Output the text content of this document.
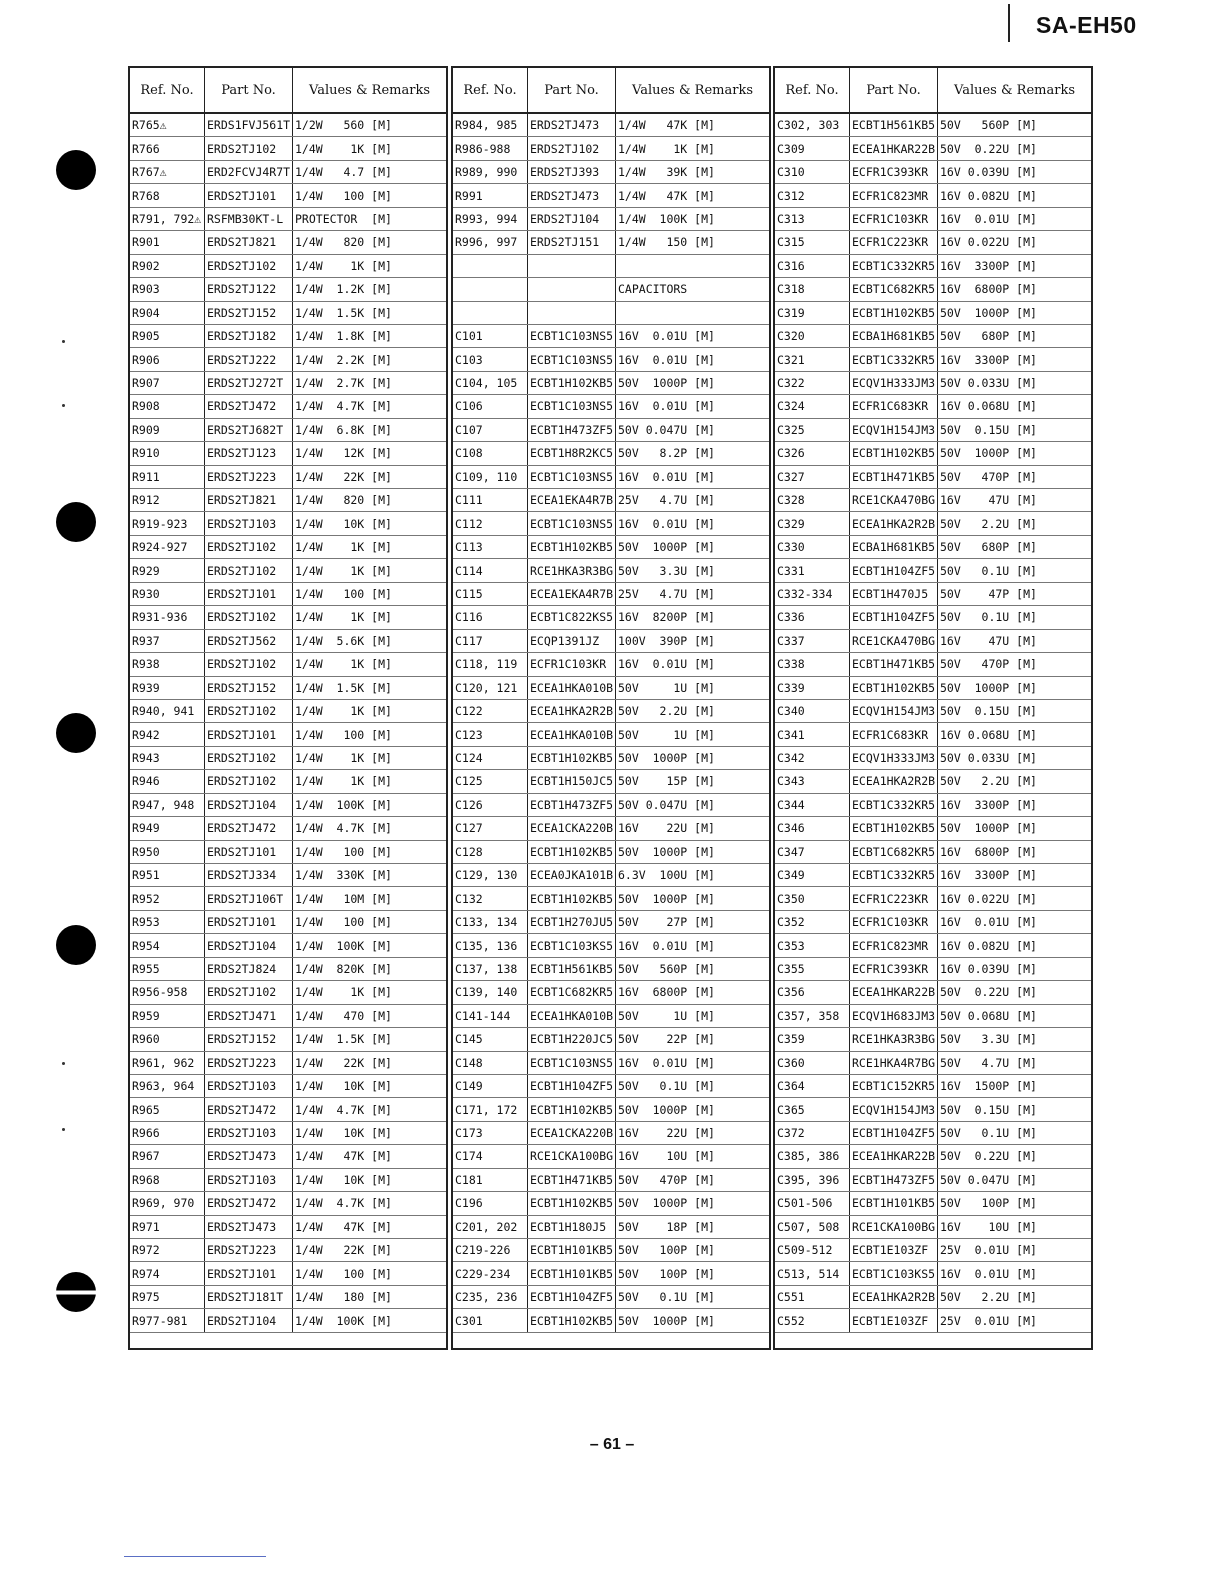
SA-EH50
Ref. No.	Part No.	Values & Remarks
R765⚠	ERDS1FVJ561T 1/2W   560 [M]
R766	ERDS2TJ102	1/4W    1K [M]
R767⚠	ERD2FCVJ4R7T 1/4W   4.7 [M]
R768	ERDS2TJ101	1/4W   100 [M]
R791, 792⚠ RSFMB30KT-L	PROTECTOR  [M]
R901	ERDS2TJ821	1/4W   820 [M]
R902	ERDS2TJ102	1/4W    1K [M]
R903	ERDS2TJ122	1/4W  1.2K [M]
R904	ERDS2TJ152	1/4W  1.5K [M]
R905	ERDS2TJ182	1/4W  1.8K [M]
R906	ERDS2TJ222	1/4W  2.2K [M]
R907	ERDS2TJ272T	1/4W  2.7K [M]
R908	ERDS2TJ472	1/4W  4.7K [M]
R909	ERDS2TJ682T	1/4W  6.8K [M]
R910	ERDS2TJ123	1/4W   12K [M]
R911	ERDS2TJ223	1/4W   22K [M]
R912	ERDS2TJ821	1/4W   820 [M]
R919-923	ERDS2TJ103	1/4W   10K [M]
R924-927	ERDS2TJ102	1/4W    1K [M]
R929	ERDS2TJ102	1/4W    1K [M]
R930	ERDS2TJ101	1/4W   100 [M]
R931-936	ERDS2TJ102	1/4W    1K [M]
R937	ERDS2TJ562	1/4W  5.6K [M]
R938	ERDS2TJ102	1/4W    1K [M]
R939	ERDS2TJ152	1/4W  1.5K [M]
R940, 941	ERDS2TJ102	1/4W    1K [M]
R942	ERDS2TJ101	1/4W   100 [M]
R943	ERDS2TJ102	1/4W    1K [M]
R946	ERDS2TJ102	1/4W    1K [M]
R947, 948	ERDS2TJ104	1/4W  100K [M]
R949	ERDS2TJ472	1/4W  4.7K [M]
R950	ERDS2TJ101	1/4W   100 [M]
R951	ERDS2TJ334	1/4W  330K [M]
R952	ERDS2TJ106T	1/4W   10M [M]
R953	ERDS2TJ101	1/4W   100 [M]
R954	ERDS2TJ104	1/4W  100K [M]
R955	ERDS2TJ824	1/4W  820K [M]
R956-958	ERDS2TJ102	1/4W    1K [M]
R959	ERDS2TJ471	1/4W   470 [M]
R960	ERDS2TJ152	1/4W  1.5K [M]
R961, 962	ERDS2TJ223	1/4W   22K [M]
R963, 964	ERDS2TJ103	1/4W   10K [M]
R965	ERDS2TJ472	1/4W  4.7K [M]
R966	ERDS2TJ103	1/4W   10K [M]
R967	ERDS2TJ473	1/4W   47K [M]
R968	ERDS2TJ103	1/4W   10K [M]
R969, 970	ERDS2TJ472	1/4W  4.7K [M]
R971	ERDS2TJ473	1/4W   47K [M]
R972	ERDS2TJ223	1/4W   22K [M]
R974	ERDS2TJ101	1/4W   100 [M]
R975	ERDS2TJ181T	1/4W   180 [M]
R977-981	ERDS2TJ104	1/4W  100K [M]
Ref. No.	Part No.	Values & Remarks
R984, 985	ERDS2TJ473	1/4W   47K [M]
R986-988	ERDS2TJ102	1/4W    1K [M]
R989, 990	ERDS2TJ393	1/4W   39K [M]
R991	ERDS2TJ473	1/4W   47K [M]
R993, 994	ERDS2TJ104	1/4W  100K [M]
R996, 997	ERDS2TJ151	1/4W   150 [M]
CAPACITORS
C101	ECBT1C103NS5 16V  0.01U [M]
C103	ECBT1C103NS5 16V  0.01U [M]
C104, 105	ECBT1H102KB5 50V  1000P [M]
C106	ECBT1C103NS5 16V  0.01U [M]
C107	ECBT1H473ZF5 50V 0.047U [M]
C108	ECBT1H8R2KC5 50V   8.2P [M]
C109, 110	ECBT1C103NS5 16V  0.01U [M]
C111	ECEA1EKA4R7B 25V   4.7U [M]
C112	ECBT1C103NS5 16V  0.01U [M]
C113	ECBT1H102KB5 50V  1000P [M]
C114	RCE1HKA3R3BG 50V   3.3U [M]
C115	ECEA1EKA4R7B 25V   4.7U [M]
C116	ECBT1C822KS5 16V  8200P [M]
C117	ECQP1391JZ	100V  390P [M]
C118, 119	ECFR1C103KR	16V  0.01U [M]
C120, 121	ECEA1HKA010B 50V     1U [M]
C122	ECEA1HKA2R2B 50V   2.2U [M]
C123	ECEA1HKA010B 50V     1U [M]
C124	ECBT1H102KB5 50V  1000P [M]
C125	ECBT1H150JC5 50V    15P [M]
C126	ECBT1H473ZF5 50V 0.047U [M]
C127	ECEA1CKA220B 16V    22U [M]
C128	ECBT1H102KB5 50V  1000P [M]
C129, 130	ECEA0JKA101B 6.3V  100U [M]
C132	ECBT1H102KB5 50V  1000P [M]
C133, 134	ECBT1H270JU5 50V    27P [M]
C135, 136	ECBT1C103KS5 16V  0.01U [M]
C137, 138	ECBT1H561KB5 50V   560P [M]
C139, 140	ECBT1C682KR5 16V  6800P [M]
C141-144	ECEA1HKA010B 50V     1U [M]
C145	ECBT1H220JC5 50V    22P [M]
C148	ECBT1C103NS5 16V  0.01U [M]
C149	ECBT1H104ZF5 50V   0.1U [M]
C171, 172	ECBT1H102KB5 50V  1000P [M]
C173	ECEA1CKA220B 16V    22U [M]
C174	RCE1CKA100BG 16V    10U [M]
C181	ECBT1H471KB5 50V   470P [M]
C196	ECBT1H102KB5 50V  1000P [M]
C201, 202	ECBT1H180J5	50V    18P [M]
C219-226	ECBT1H101KB5 50V   100P [M]
C229-234	ECBT1H101KB5 50V   100P [M]
C235, 236	ECBT1H104ZF5 50V   0.1U [M]
C301	ECBT1H102KB5 50V  1000P [M]
Ref. No.	Part No.	Values & Remarks
C302, 303	ECBT1H561KB5 50V   560P [M]
C309	ECEA1HKAR22B 50V  0.22U [M]
C310	ECFR1C393KR	16V 0.039U [M]
C312	ECFR1C823MR	16V 0.082U [M]
C313	ECFR1C103KR	16V  0.01U [M]
C315	ECFR1C223KR	16V 0.022U [M]
C316	ECBT1C332KR5 16V  3300P [M]
C318	ECBT1C682KR5 16V  6800P [M]
C319	ECBT1H102KB5 50V  1000P [M]
C320	ECBA1H681KB5 50V   680P [M]
C321	ECBT1C332KR5 16V  3300P [M]
C322	ECQV1H333JM3 50V 0.033U [M]
C324	ECFR1C683KR	16V 0.068U [M]
C325	ECQV1H154JM3 50V  0.15U [M]
C326	ECBT1H102KB5 50V  1000P [M]
C327	ECBT1H471KB5 50V   470P [M]
C328	RCE1CKA470BG 16V    47U [M]
C329	ECEA1HKA2R2B 50V   2.2U [M]
C330	ECBA1H681KB5 50V   680P [M]
C331	ECBT1H104ZF5 50V   0.1U [M]
C332-334	ECBT1H470J5	50V    47P [M]
C336	ECBT1H104ZF5 50V   0.1U [M]
C337	RCE1CKA470BG 16V    47U [M]
C338	ECBT1H471KB5 50V   470P [M]
C339	ECBT1H102KB5 50V  1000P [M]
C340	ECQV1H154JM3 50V  0.15U [M]
C341	ECFR1C683KR	16V 0.068U [M]
C342	ECQV1H333JM3 50V 0.033U [M]
C343	ECEA1HKA2R2B 50V   2.2U [M]
C344	ECBT1C332KR5 16V  3300P [M]
C346	ECBT1H102KB5 50V  1000P [M]
C347	ECBT1C682KR5 16V  6800P [M]
C349	ECBT1C332KR5 16V  3300P [M]
C350	ECFR1C223KR	16V 0.022U [M]
C352	ECFR1C103KR	16V  0.01U [M]
C353	ECFR1C823MR	16V 0.082U [M]
C355	ECFR1C393KR	16V 0.039U [M]
C356	ECEA1HKAR22B 50V  0.22U [M]
C357, 358	ECQV1H683JM3 50V 0.068U [M]
C359	RCE1HKA3R3BG 50V   3.3U [M]
C360	RCE1HKA4R7BG 50V   4.7U [M]
C364	ECBT1C152KR5 16V  1500P [M]
C365	ECQV1H154JM3 50V  0.15U [M]
C372	ECBT1H104ZF5 50V   0.1U [M]
C385, 386	ECEA1HKAR22B 50V  0.22U [M]
C395, 396	ECBT1H473ZF5 50V 0.047U [M]
C501-506	ECBT1H101KB5 50V   100P [M]
C507, 508	RCE1CKA100BG 16V    10U [M]
C509-512	ECBT1E103ZF	25V  0.01U [M]
C513, 514	ECBT1C103KS5 16V  0.01U [M]
C551	ECEA1HKA2R2B 50V   2.2U [M]
C552	ECBT1E103ZF	25V  0.01U [M]
– 61 –
